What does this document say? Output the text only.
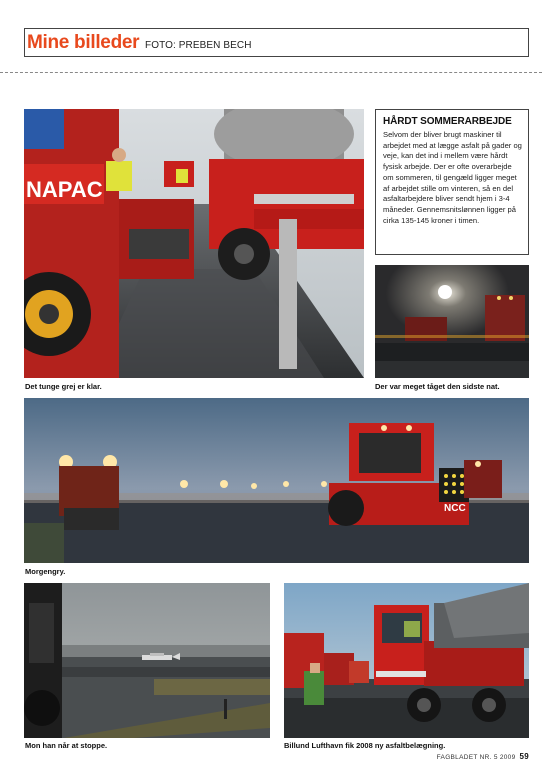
Mine billeder FOTO: PREBEN BECH
NAPAC
HÅRDT SOMMERARBEJDE
Selvom der bliver brugt maskiner til arbejdet med at lægge asfalt på gader og veje, kan det ind i mellem være hårdt fysisk arbejde. Der er ofte overarbejde om sommeren, til gengæld ligger meget af arbejdet stille om vinteren, så en del asfaltarbejdere bliver sendt hjem i 3-4 måneder. Gennemsnitslønnen ligger på cirka 135-145 kroner i timen.
Det tunge grej er klar.	Der var meget tåget den sidste nat.
NCC
Morgengry.
Mon han når at stoppe.	Billund Lufthavn fik 2008 ny asfaltbelægning.
FAGBLADET NR. 5 2009 59
